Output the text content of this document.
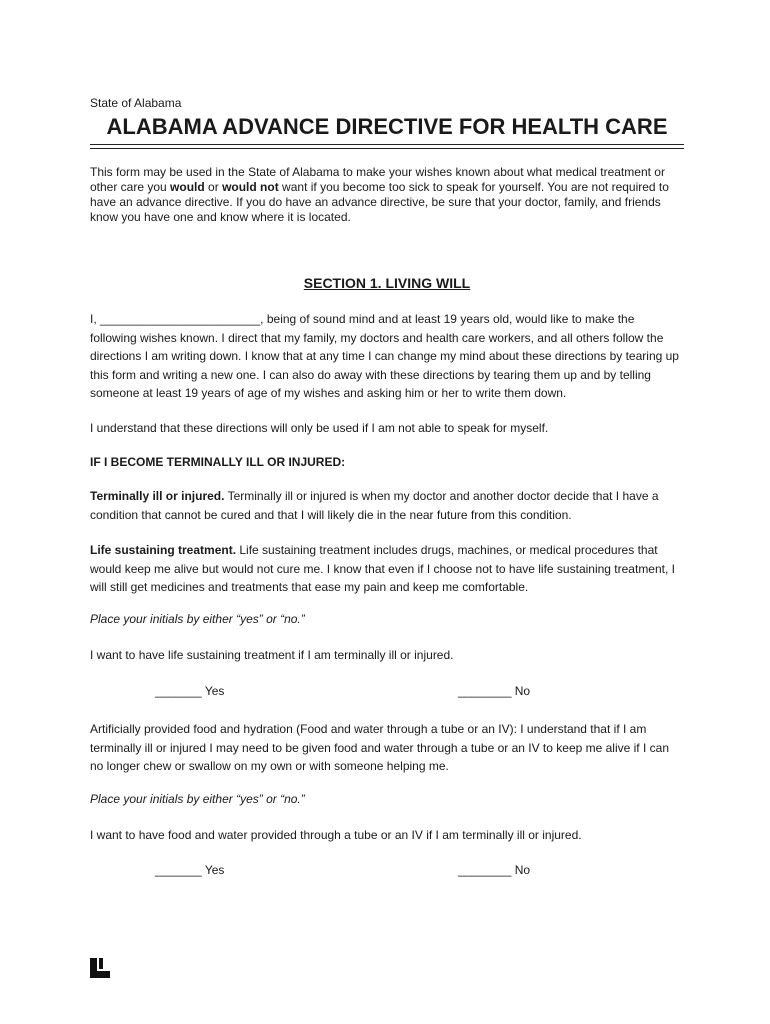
State of Alabama
ALABAMA ADVANCE DIRECTIVE FOR HEALTH CARE
This form may be used in the State of Alabama to make your wishes known about what medical treatment or other care you would or would not want if you become too sick to speak for yourself. You are not required to have an advance directive. If you do have an advance directive, be sure that your doctor, family, and friends know you have one and know where it is located.
SECTION 1. LIVING WILL
I, ________________________, being of sound mind and at least 19 years old, would like to make the following wishes known. I direct that my family, my doctors and health care workers, and all others follow the directions I am writing down. I know that at any time I can change my mind about these directions by tearing up this form and writing a new one. I can also do away with these directions by tearing them up and by telling someone at least 19 years of age of my wishes and asking him or her to write them down.
I understand that these directions will only be used if I am not able to speak for myself.
IF I BECOME TERMINALLY ILL OR INJURED:
Terminally ill or injured. Terminally ill or injured is when my doctor and another doctor decide that I have a condition that cannot be cured and that I will likely die in the near future from this condition.
Life sustaining treatment. Life sustaining treatment includes drugs, machines, or medical procedures that would keep me alive but would not cure me. I know that even if I choose not to have life sustaining treatment, I will still get medicines and treatments that ease my pain and keep me comfortable.
Place your initials by either “yes” or “no.”
I want to have life sustaining treatment if I am terminally ill or injured.
_______ Yes	________ No
Artificially provided food and hydration (Food and water through a tube or an IV): I understand that if I am terminally ill or injured I may need to be given food and water through a tube or an IV to keep me alive if I can no longer chew or swallow on my own or with someone helping me.
Place your initials by either “yes” or “no.”
I want to have food and water provided through a tube or an IV if I am terminally ill or injured.
_______ Yes	________ No
